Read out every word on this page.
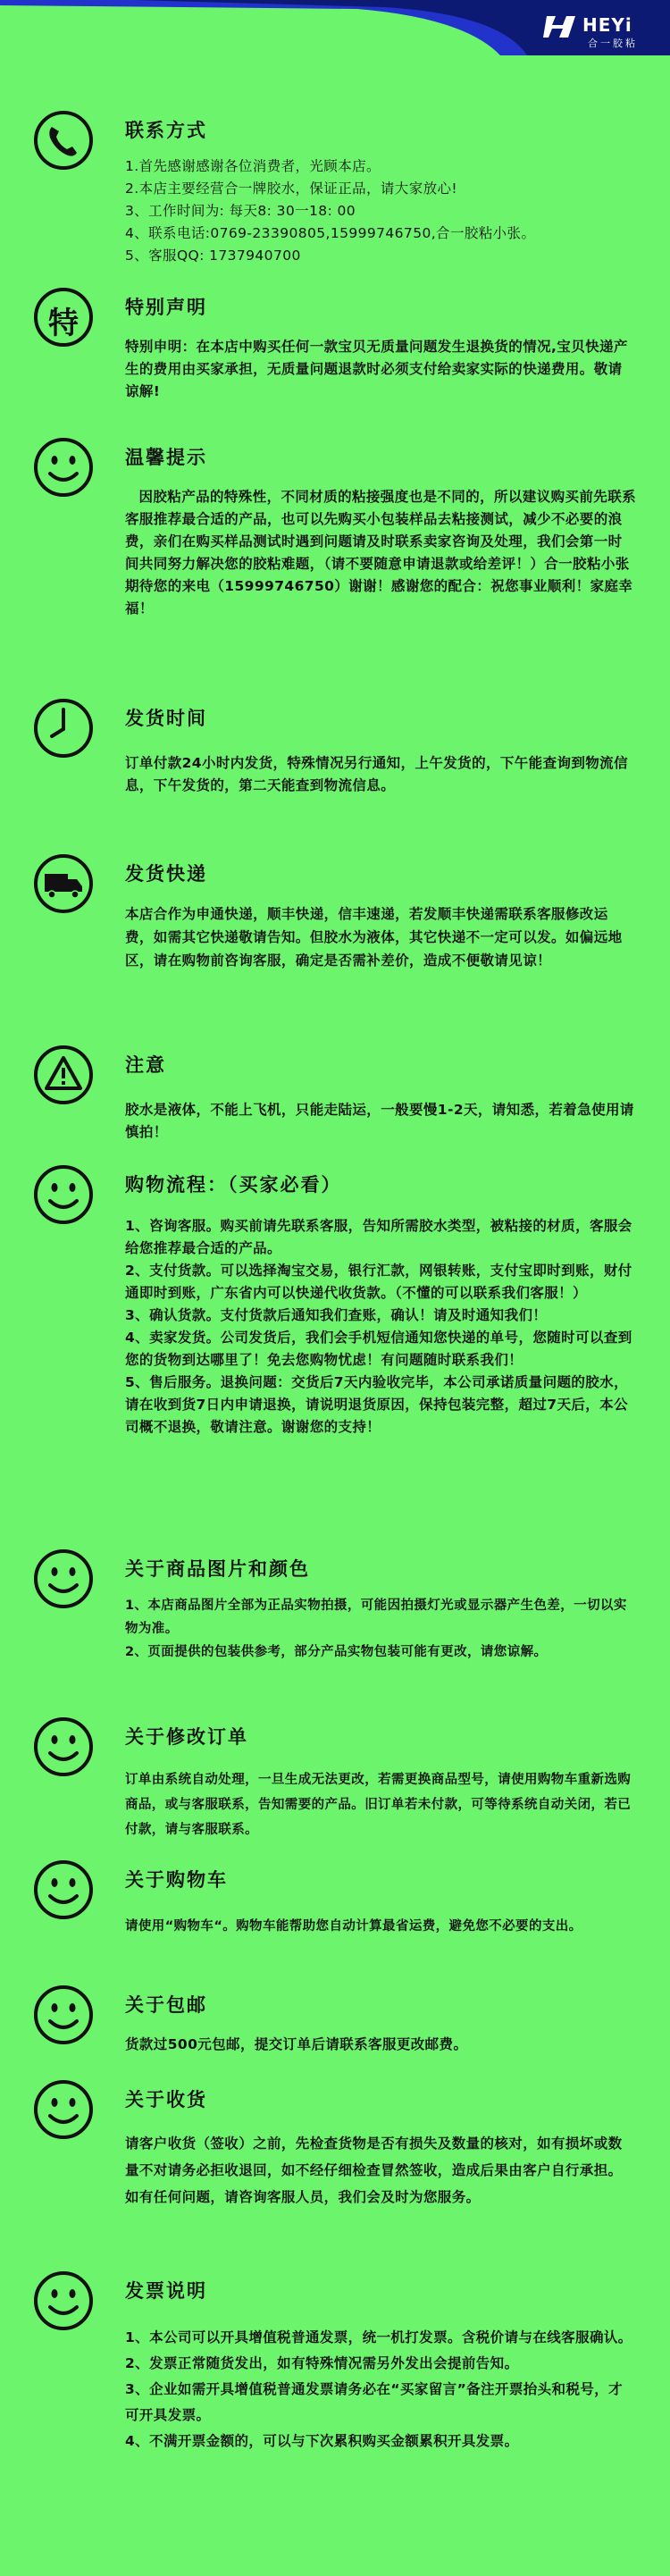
HEYi
合一胶粘
联系方式

1.首先感谢感谢各位消费者，光顾本店。

2.本店主要经营合一牌胶水，保证正品，请大家放心!

3、工作时间为: 每天8: 30一18: 00

4、联系电话:0769-23390805,15999746750,合一胶粘小张。

5、客服QQ: 1737940700

特	特别声明

特别申明：在本店中购买任何一款宝贝无质量问题发生退换货的情况,宝贝快递产生的费用由买家承担，无质量问题退款时必须支付给卖家实际的快递费用。敬请谅解!

温馨提示

因胶粘产品的特殊性，不同材质的粘接强度也是不同的，所以建议购买前先联系客服推荐最合适的产品，也可以先购买小包装样品去粘接测试，减少不必要的浪费，亲们在购买样品测试时遇到问题请及时联系卖家咨询及处理，我们会第一时间共同努力解决您的胶粘难题，（请不要随意申请退款或给差评！）合一胶粘小张期待您的来电（15999746750）谢谢！感谢您的配合：祝您事业顺利！家庭幸福！

发货时间

订单付款24小时内发货，特殊情况另行通知，上午发货的，下午能查询到物流信息，下午发货的，第二天能查到物流信息。

发货快递

本店合作为申通快递，顺丰快递，信丰速递，若发顺丰快递需联系客服修改运费，如需其它快递敬请告知。但胶水为液体，其它快递不一定可以发。如偏远地区，请在购物前咨询客服，确定是否需补差价，造成不便敬请见谅！

注意

胶水是液体，不能上飞机，只能走陆运，一般要慢1-2天，请知悉，若着急使用请慎拍！

购物流程：（买家必看）

1、咨询客服。购买前请先联系客服，告知所需胶水类型，被粘接的材质，客服会给您推荐最合适的产品。

2、支付货款。可以选择淘宝交易，银行汇款，网银转账，支付宝即时到账，财付通即时到账，广东省内可以快递代收货款。（不懂的可以联系我们客服！）

3、确认货款。支付货款后通知我们查账，确认！请及时通知我们！

4、卖家发货。公司发货后，我们会手机短信通知您快递的单号，您随时可以查到您的货物到达哪里了！免去您购物忧虑！有问题随时联系我们！

5、售后服务。退换问题：交货后7天内验收完毕，本公司承诺质量问题的胶水，请在收到货7日内申请退换，请说明退货原因，保持包装完整，超过7天后，本公司概不退换，敬请注意。谢谢您的支持！

关于商品图片和颜色

1、本店商品图片全部为正品实物拍摄，可能因拍摄灯光或显示器产生色差，一切以实物为准。

2、页面提供的包装供参考，部分产品实物包装可能有更改，请您谅解。

关于修改订单

订单由系统自动处理，一旦生成无法更改，若需更换商品型号，请使用购物车重新选购商品，或与客服联系，告知需要的产品。旧订单若未付款，可等待系统自动关闭，若已付款，请与客服联系。

关于购物车

请使用“购物车“。购物车能帮助您自动计算最省运费，避免您不必要的支出。

关于包邮

货款过500元包邮，提交订单后请联系客服更改邮费。

关于收货

请客户收货（签收）之前，先检查货物是否有损失及数量的核对，如有损坏或数量不对请务必拒收退回，如不经仔细检查冒然签收，造成后果由客户自行承担。如有任何问题，请咨询客服人员，我们会及时为您服务。

发票说明

1、本公司可以开具增值税普通发票，统一机打发票。含税价请与在线客服确认。

2、发票正常随货发出，如有特殊情况需另外发出会提前告知。

3、企业如需开具增值税普通发票请务必在“买家留言”备注开票抬头和税号，才可开具发票。

4、不满开票金额的，可以与下次累积购买金额累积开具发票。
